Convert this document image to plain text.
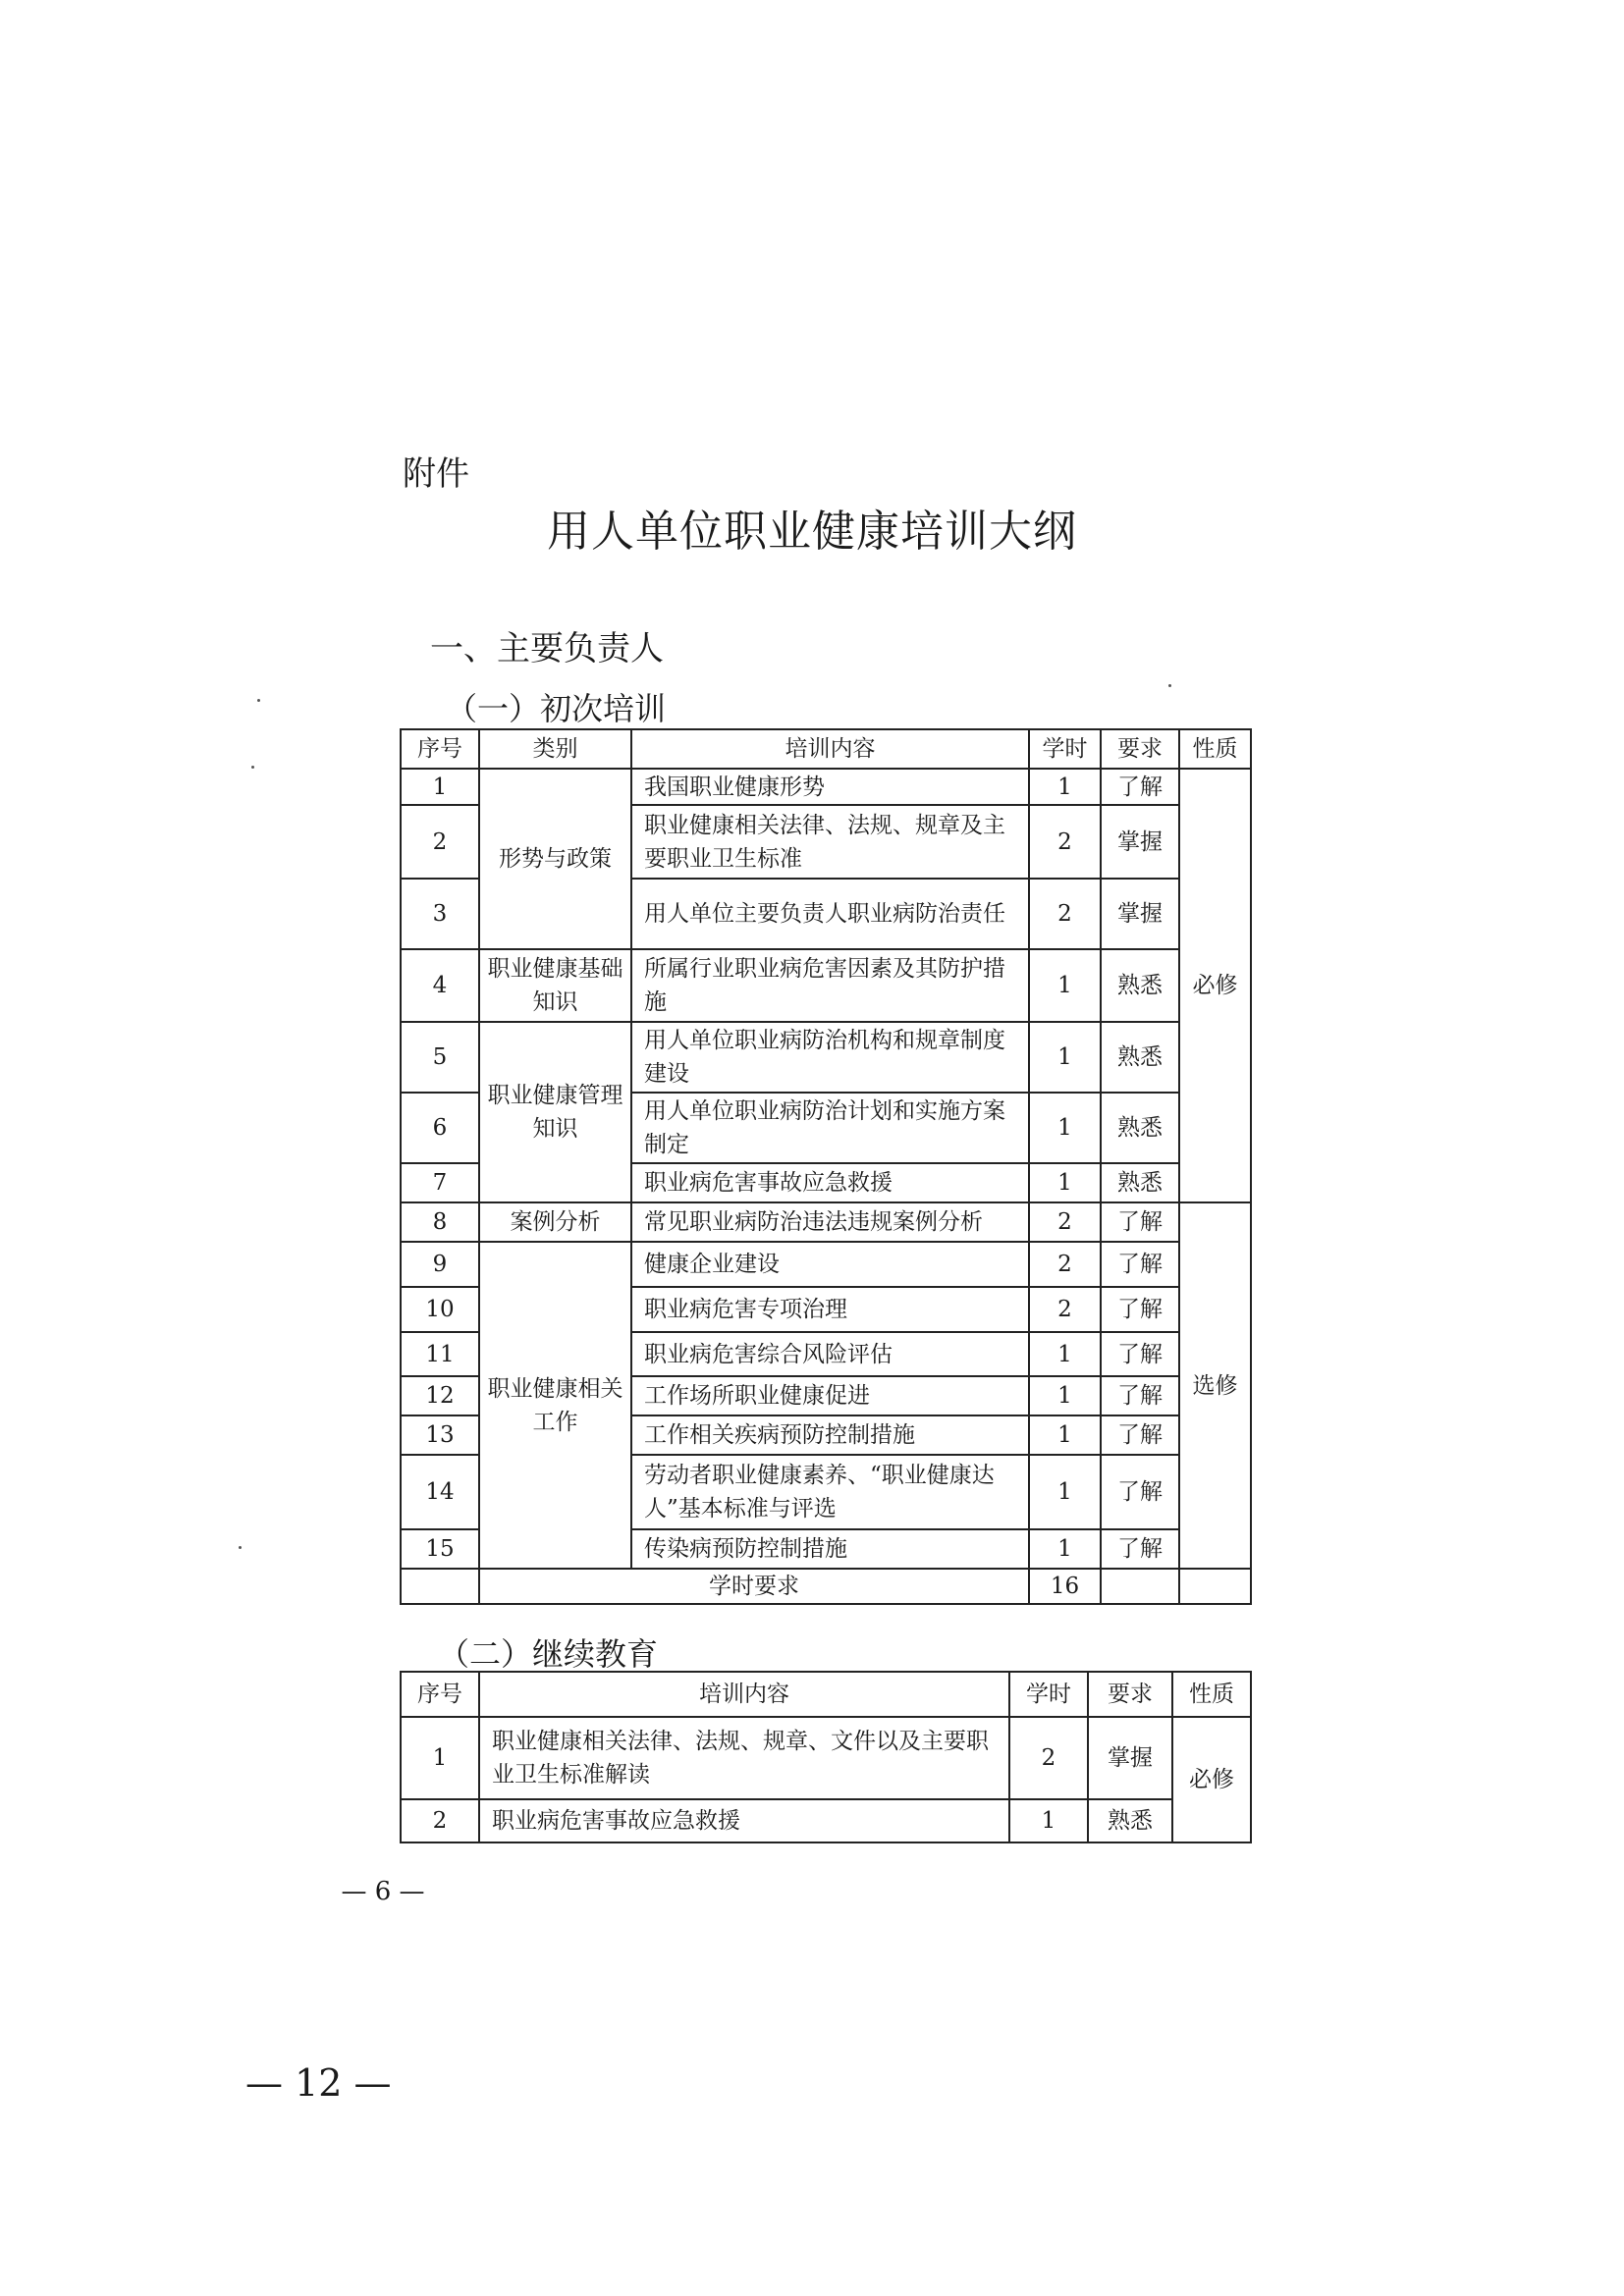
附件
用人单位职业健康培训大纲
一、主要负责人
（一）初次培训
序号	类别	培训内容	学时	要求	性质
1	形势与政策	我国职业健康形势	1	了解	必修
2		职业健康相关法律、法规、规章及主要职业卫生标准	2	掌握	
3		用人单位主要负责人职业病防治责任	2	掌握	
4	职业健康基础知识	所属行业职业病危害因素及其防护措施	1	熟悉	
5	职业健康管理知识	用人单位职业病防治机构和规章制度建设	1	熟悉	
6		用人单位职业病防治计划和实施方案制定	1	熟悉	
7		职业病危害事故应急救援	1	熟悉	
8	案例分析	常见职业病防治违法违规案例分析	2	了解	选修
9	职业健康相关工作	健康企业建设	2	了解	
10		职业病危害专项治理	2	了解	
11		职业病危害综合风险评估	1	了解	
12		工作场所职业健康促进	1	了解	
13		工作相关疾病预防控制措施	1	了解	
14		劳动者职业健康素养、“职业健康达人”基本标准与评选	1	了解	
15		传染病预防控制措施	1	了解	
	学时要求		16		
（二）继续教育
序号	培训内容	学时	要求	性质
1	职业健康相关法律、法规、规章、文件以及主要职业卫生标准解读	2	掌握	必修
2	职业病危害事故应急救援	1	熟悉	
— 6 —
— 12 —
